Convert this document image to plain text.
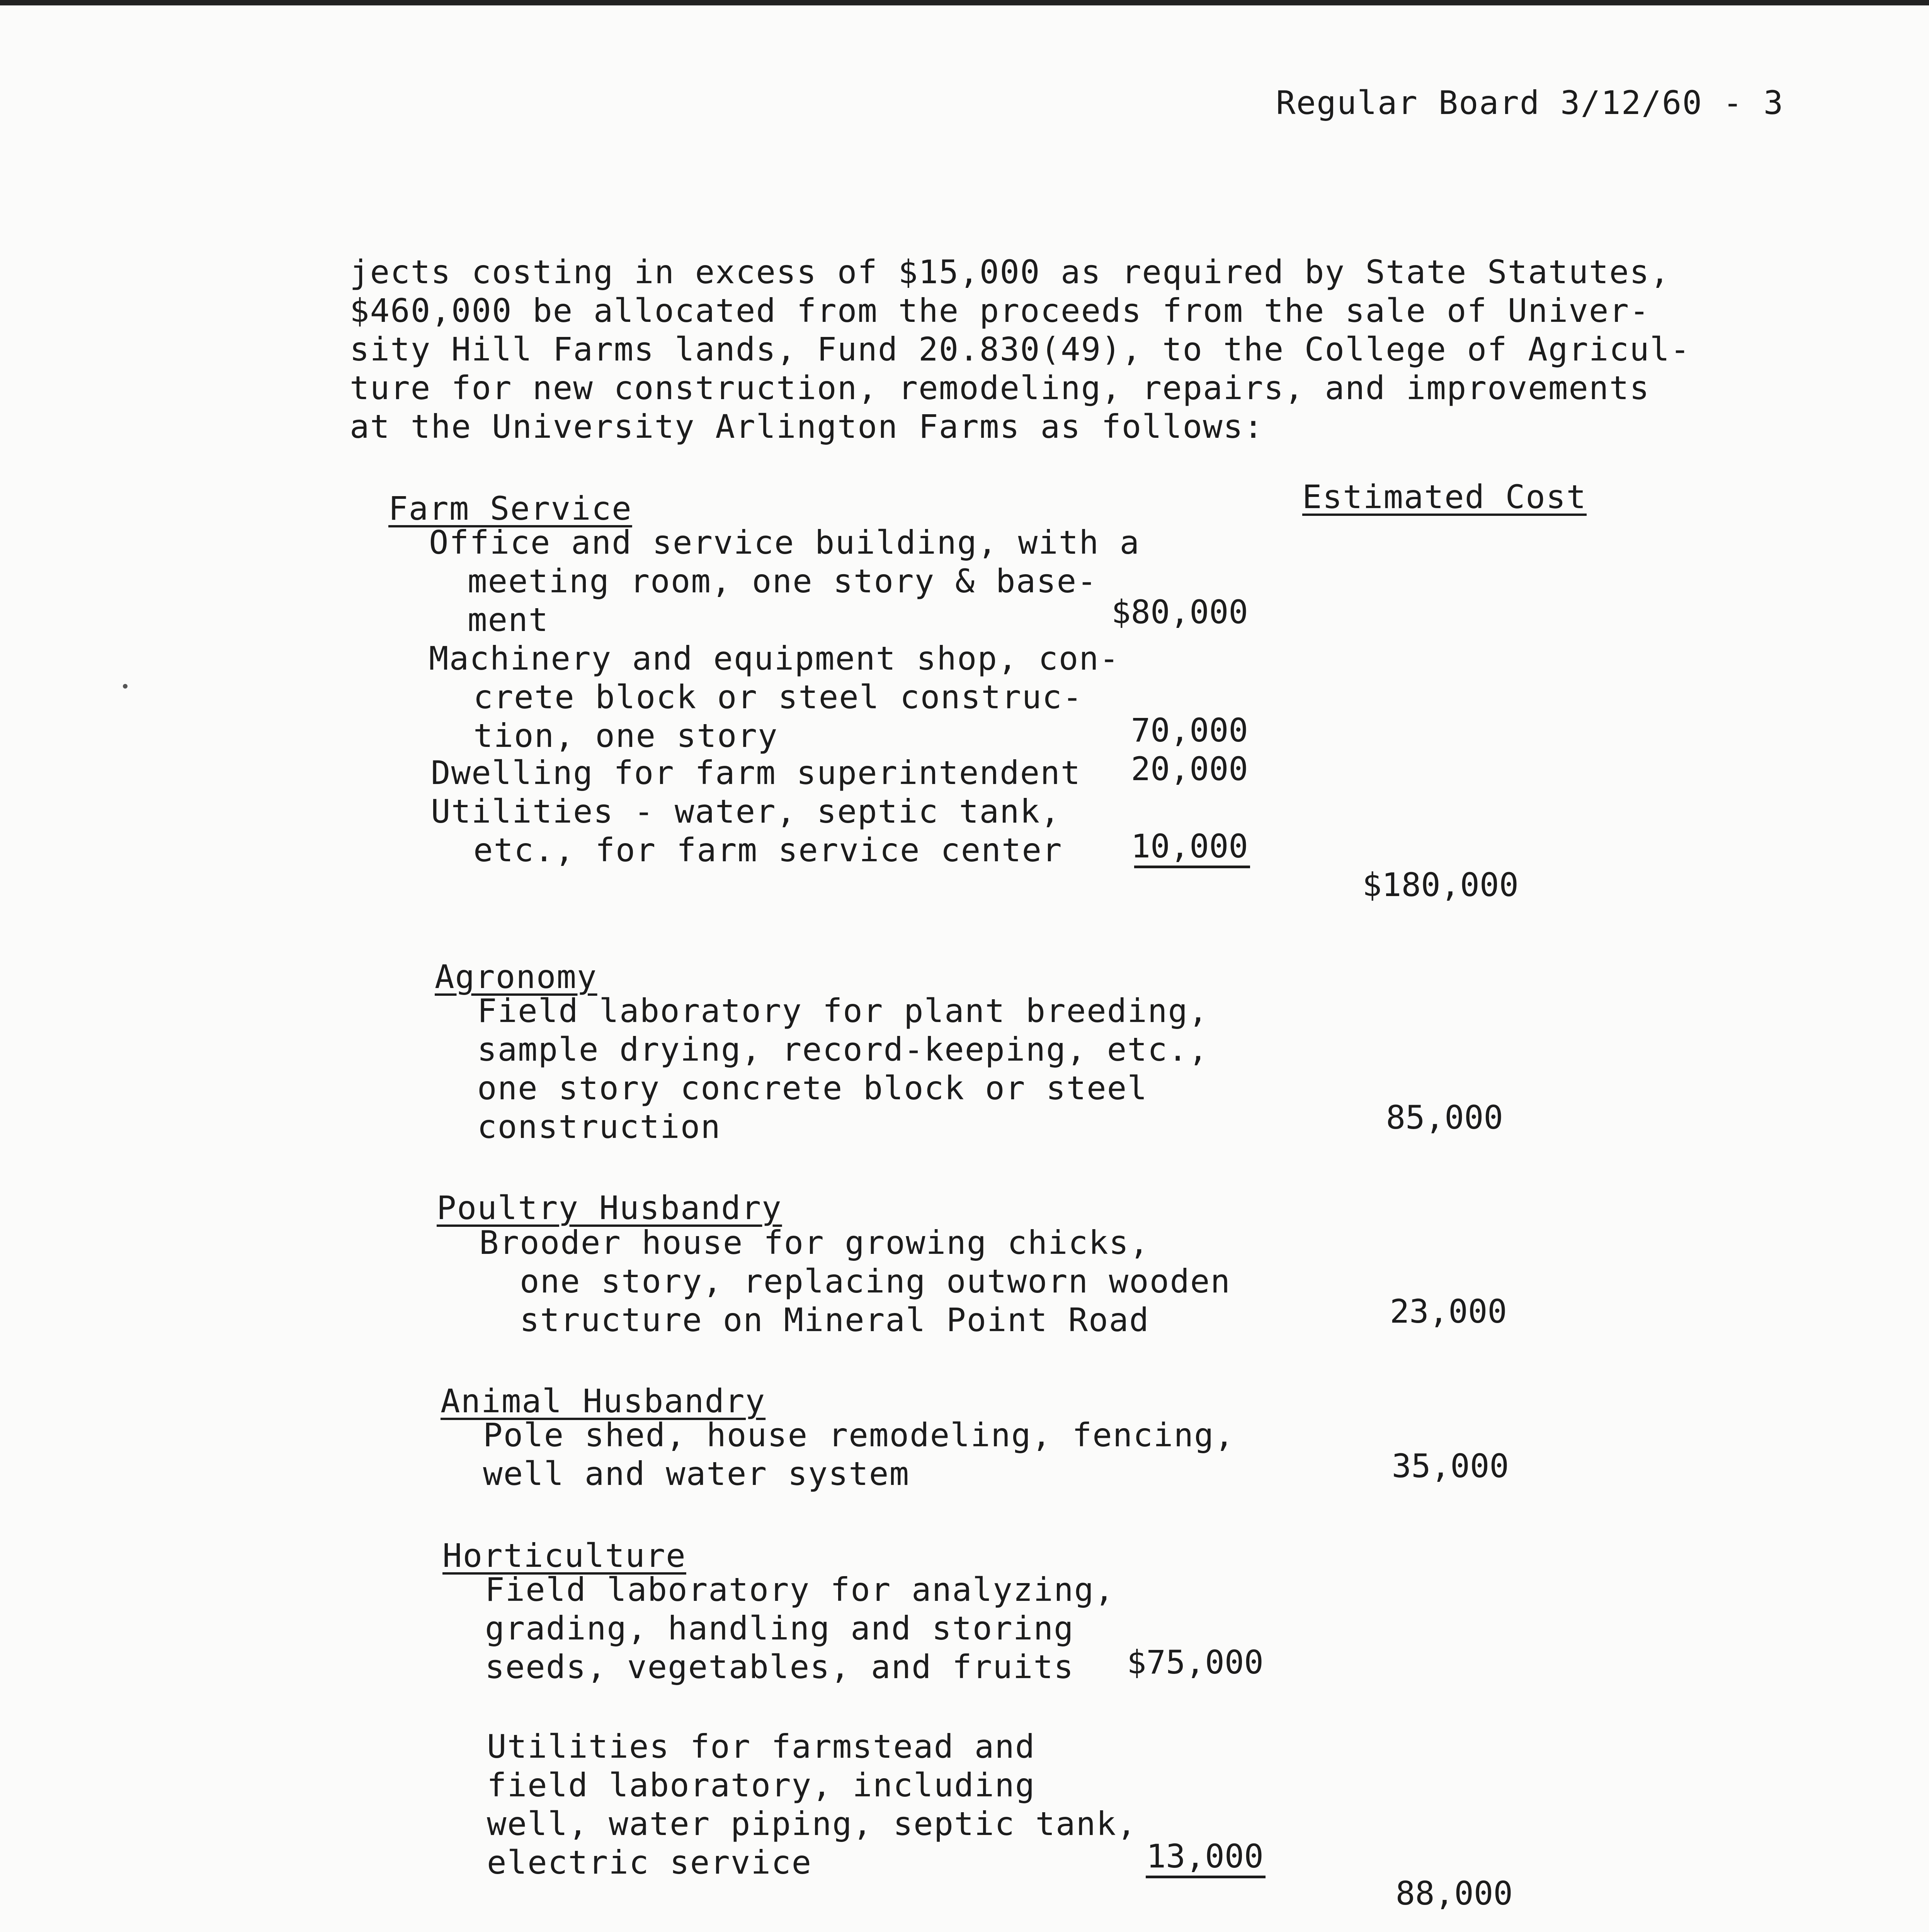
Regular Board 3/12/60 - 3
jects costing in excess of $15,000 as required by State Statutes,
$460,000 be allocated from the proceeds from the sale of Univer-
sity Hill Farms lands, Fund 20.830(49), to the College of Agricul-
ture for new construction, remodeling, repairs, and improvements
at the University Arlington Farms as follows:
Estimated Cost
Farm Service
Office and service building, with a
meeting room, one story & base-
ment	$80,000
Machinery and equipment shop, con-
crete block or steel construc-
tion, one story	70,000
Dwelling for farm superintendent	20,000
Utilities - water, septic tank,
etc., for farm service center	10,000
$180,000
Agronomy
Field laboratory for plant breeding,
sample drying, record-keeping, etc.,
one story concrete block or steel
construction	85,000
Poultry Husbandry
Brooder house for growing chicks,
one story, replacing outworn wooden
structure on Mineral Point Road	23,000
Animal Husbandry
Pole shed, house remodeling, fencing,
well and water system	35,000
Horticulture
Field laboratory for analyzing,
grading, handling and storing
seeds, vegetables, and fruits	$75,000
Utilities for farmstead and
field laboratory, including
well, water piping, septic tank,
electric service	13,000
88,000
